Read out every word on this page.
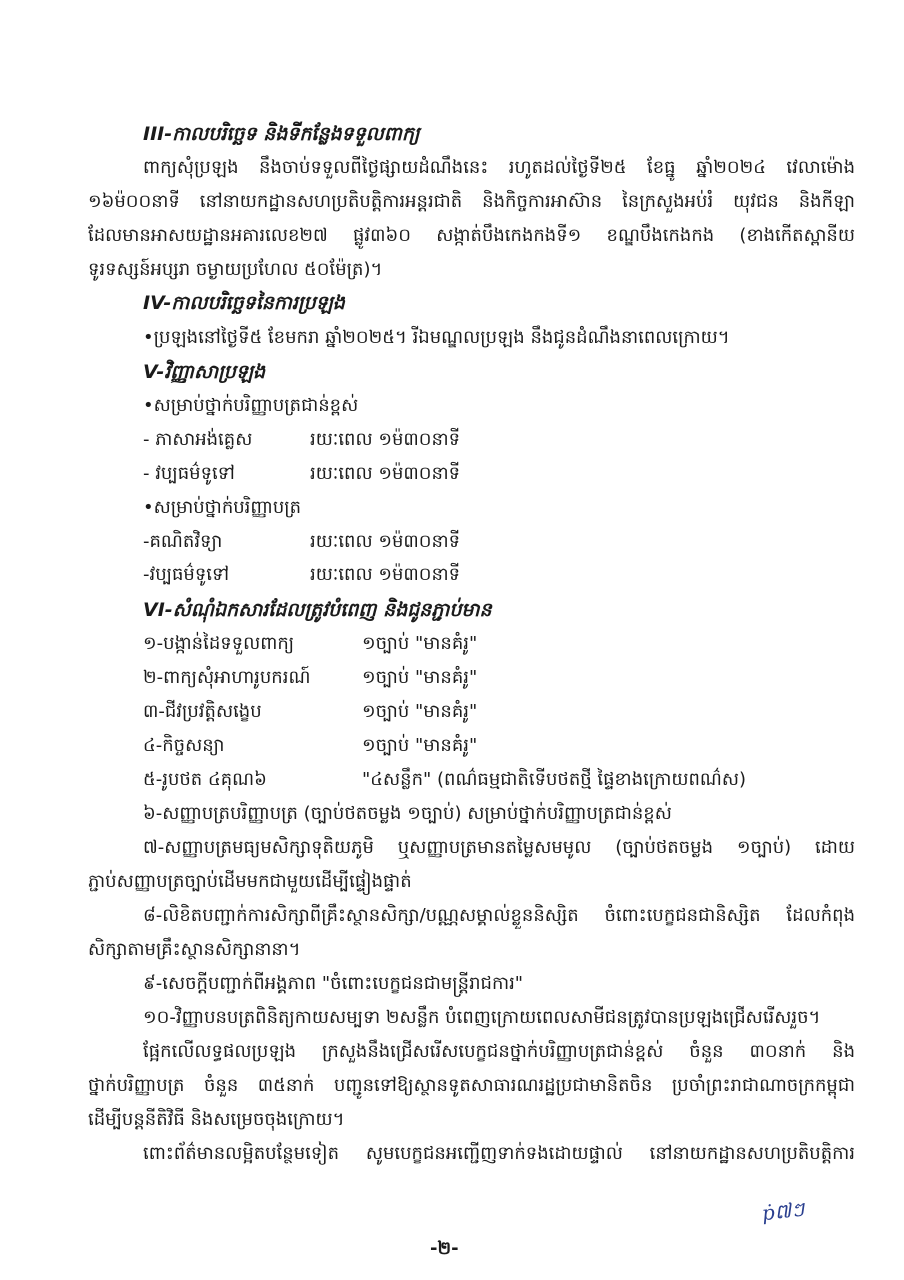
III-កាលបរិច្ឆេទ និងទីកន្លែងទទួលពាក្យ
ពាក្យសុំប្រឡង នឹងចាប់ទទួលពីថ្ងៃផ្សាយដំណឹងនេះ រហូតដល់ថ្ងៃទី២៥ ខែធ្នូ ឆ្នាំ២០២៤ វេលាម៉ោង
១៦ម៉០០នាទី នៅនាយកដ្ឋានសហប្រតិបត្តិការអន្តរជាតិ និងកិច្ចការអាស៊ាន នៃក្រសួងអប់រំ យុវជន និងកីឡា
ដែលមានអាសយដ្ឋានអគារលេខ២៧ ផ្លូវ៣៦០ សង្កាត់បឹងកេងកងទី១ ខណ្ឌបឹងកេងកង (ខាងកើតស្ពានីយ
ទូរទស្សន៍អប្សរា ចម្ងាយប្រហែល ៥០ម៉ែត្រ)។
IV-កាលបរិច្ឆេទនៃការប្រឡង
•ប្រឡងនៅថ្ងៃទី៥ ខែមករា ឆ្នាំ២០២៥។ រីឯមណ្ឌលប្រឡង នឹងជូនដំណឹងនាពេលក្រោយ។
V-វិញ្ញាសាប្រឡង
•សម្រាប់ថ្នាក់បរិញ្ញាបត្រជាន់ខ្ពស់
- ភាសាអង់គ្លេស	រយៈពេល ១ម៉៣០នាទី
- វប្បធម៌ទូទៅ	រយៈពេល ១ម៉៣០នាទី
•សម្រាប់ថ្នាក់បរិញ្ញាបត្រ
-គណិតវិទ្យា	រយៈពេល ១ម៉៣០នាទី
-វប្បធម៌ទូទៅ	រយៈពេល ១ម៉៣០នាទី
VI-សំណុំឯកសារដែលត្រូវបំពេញ និងជូនភ្ជាប់មាន
១-បង្កាន់ដៃទទួលពាក្យ	១ច្បាប់ "មានគំរូ"
២-ពាក្យសុំអាហារូបករណ៍	១ច្បាប់ "មានគំរូ"
៣-ជីវប្រវត្តិសង្ខេប	១ច្បាប់ "មានគំរូ"
៤-កិច្ចសន្យា	១ច្បាប់ "មានគំរូ"
៥-រូបថត ៤គុណ៦	"៤សន្លឹក" (ពណ៌ធម្មជាតិទើបថតថ្មី ផ្ទៃខាងក្រោយពណ៌ស)
៦-សញ្ញាបត្របរិញ្ញាបត្រ (ច្បាប់ថតចម្លង ១ច្បាប់) សម្រាប់ថ្នាក់បរិញ្ញាបត្រជាន់ខ្ពស់
៧-សញ្ញាបត្រមធ្យមសិក្សាទុតិយភូមិ ឬសញ្ញាបត្រមានតម្លៃសមមូល (ច្បាប់ថតចម្លង ១ច្បាប់) ដោយ
ភ្ជាប់សញ្ញាបត្រច្បាប់ដើមមកជាមួយដើម្បីផ្ទៀងផ្ទាត់
៨-លិខិតបញ្ជាក់ការសិក្សាពីគ្រឹះស្ថានសិក្សា/បណ្ណសម្គាល់ខ្លួននិស្សិត ចំពោះបេក្ខជនជានិស្សិត ដែលកំពុង
សិក្សាតាមគ្រឹះស្ថានសិក្សានានា។
៩-សេចក្ដីបញ្ជាក់ពីអង្គភាព "ចំពោះបេក្ខជនជាមន្ត្រីរាជការ"
១០-វិញ្ញាបនបត្រពិនិត្យកាយសម្បទា ២សន្លឹក បំពេញក្រោយពេលសាមីជនត្រូវបានប្រឡងជ្រើសរើសរួច។
ផ្អែកលើលទ្ធផលប្រឡង ក្រសួងនឹងជ្រើសរើសបេក្ខជនថ្នាក់បរិញ្ញាបត្រជាន់ខ្ពស់ ចំនួន ៣០នាក់ និង
ថ្នាក់បរិញ្ញាបត្រ ចំនួន ៣៥នាក់ បញ្ជូនទៅឱ្យស្ថានទូតសាធារណរដ្ឋប្រជាមានិតចិន ប្រចាំព្រះរាជាណាចក្រកម្ពុជា
ដើម្បីបន្តនីតិវិធី និងសម្រេចចុងក្រោយ។
ពោះព័ត៌មានលម្អិតបន្ថែមទៀត សូមបេក្ខជនអញ្ជើញទាក់ទងដោយផ្ទាល់ នៅនាយកដ្ឋានសហប្រតិបត្តិការ
ṗ៧ៗ
-២-
